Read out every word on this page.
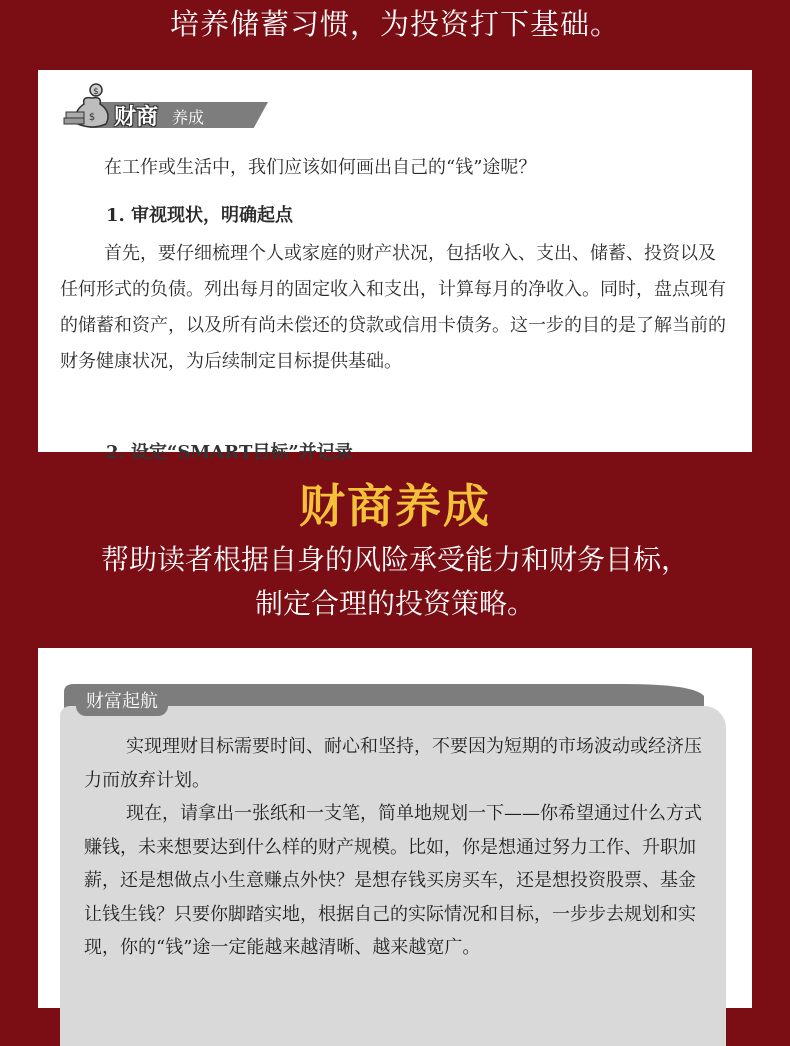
培养储蓄习惯，为投资打下基础。
$
$ 财商 养成
在工作或生活中，我们应该如何画出自己的“钱”途呢？
1. 审视现状，明确起点
首先，要仔细梳理个人或家庭的财产状况，包括收入、支出、储蓄、投资以及任何形式的负债。列出每月的固定收入和支出，计算每月的净收入。同时，盘点现有的储蓄和资产，以及所有尚未偿还的贷款或信用卡债务。这一步的目的是了解当前的财务健康状况，为后续制定目标提供基础。
2. 设定“SMART目标”并记录
财商养成
帮助读者根据自身的风险承受能力和财务目标，
制定合理的投资策略。
财富起航
实现理财目标需要时间、耐心和坚持，不要因为短期的市场波动或经济压力而放弃计划。
现在，请拿出一张纸和一支笔，简单地规划一下——你希望通过什么方式赚钱，未来想要达到什么样的财产规模。比如，你是想通过努力工作、升职加薪，还是想做点小生意赚点外快？是想存钱买房买车，还是想投资股票、基金让钱生钱？只要你脚踏实地，根据自己的实际情况和目标，一步步去规划和实现，你的“钱”途一定能越来越清晰、越来越宽广。
